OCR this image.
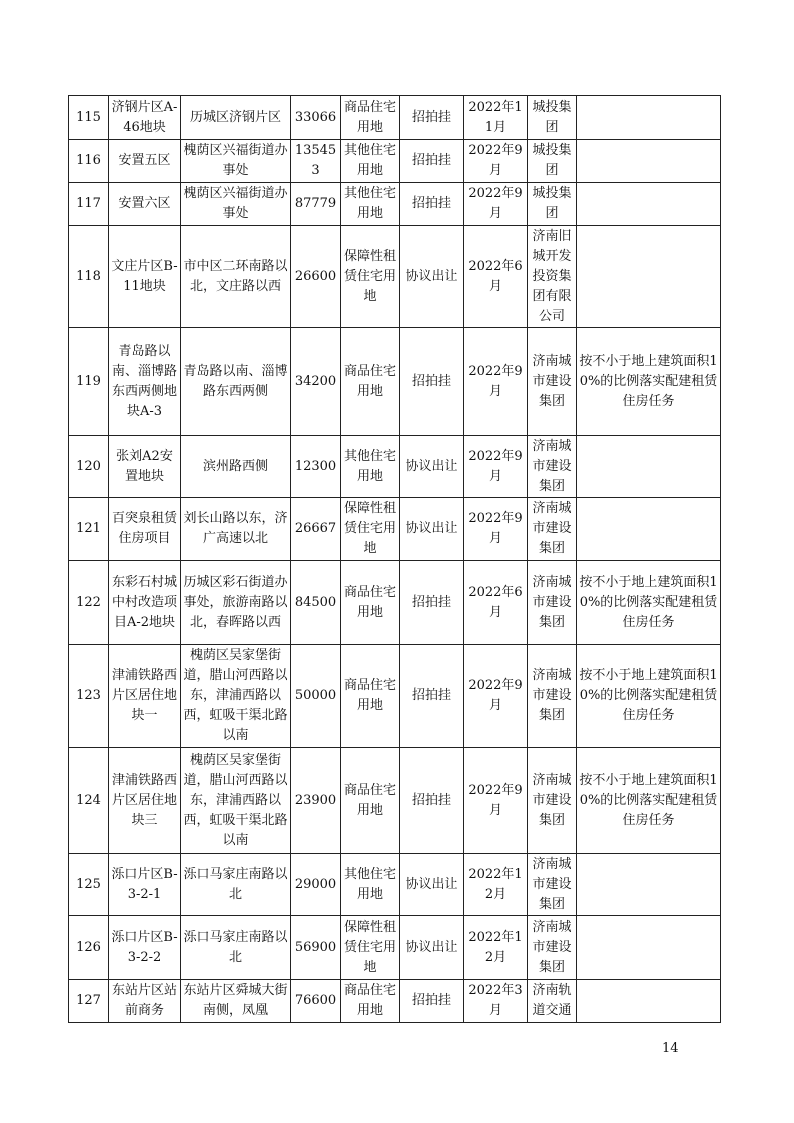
115	济钢片区A-46地块	历城区济钢片区	33066	商品住宅用地	招拍挂	2022年11月	城投集团	
116	安置五区	槐荫区兴福街道办事处	135453	其他住宅用地	招拍挂	2022年9月	城投集团	
117	安置六区	槐荫区兴福街道办事处	87779	其他住宅用地	招拍挂	2022年9月	城投集团	
118	文庄片区B-11地块	市中区二环南路以北，文庄路以西	26600	保障性租赁住宅用地	协议出让	2022年6月	济南旧城开发投资集团有限公司	
119	青岛路以南、淄博路东西两侧地块A-3	青岛路以南、淄博路东西两侧	34200	商品住宅用地	招拍挂	2022年9月	济南城市建设集团	按不小于地上建筑面积10%的比例落实配建租赁住房任务
120	张刘A2安置地块	滨州路西侧	12300	其他住宅用地	协议出让	2022年9月	济南城市建设集团	
121	百突泉租赁住房项目	刘长山路以东，济广高速以北	26667	保障性租赁住宅用地	协议出让	2022年9月	济南城市建设集团	
122	东彩石村城中村改造项目A-2地块	历城区彩石街道办事处，旅游南路以北，春晖路以西	84500	商品住宅用地	招拍挂	2022年6月	济南城市建设集团	按不小于地上建筑面积10%的比例落实配建租赁住房任务
123	津浦铁路西片区居住地块一	槐荫区吴家堡街道，腊山河西路以东，津浦西路以西，虹吸干渠北路以南	50000	商品住宅用地	招拍挂	2022年9月	济南城市建设集团	按不小于地上建筑面积10%的比例落实配建租赁住房任务
124	津浦铁路西片区居住地块三	槐荫区吴家堡街道，腊山河西路以东，津浦西路以西，虹吸干渠北路以南	23900	商品住宅用地	招拍挂	2022年9月	济南城市建设集团	按不小于地上建筑面积10%的比例落实配建租赁住房任务
125	泺口片区B-3-2-1	泺口马家庄南路以北	29000	其他住宅用地	协议出让	2022年12月	济南城市建设集团	
126	泺口片区B-3-2-2	泺口马家庄南路以北	56900	保障性租赁住宅用地	协议出让	2022年12月	济南城市建设集团	
127	东站片区站前商务	东站片区舜城大街南侧，凤凰	76600	商品住宅用地	招拍挂	2022年3月	济南轨道交通	
14
